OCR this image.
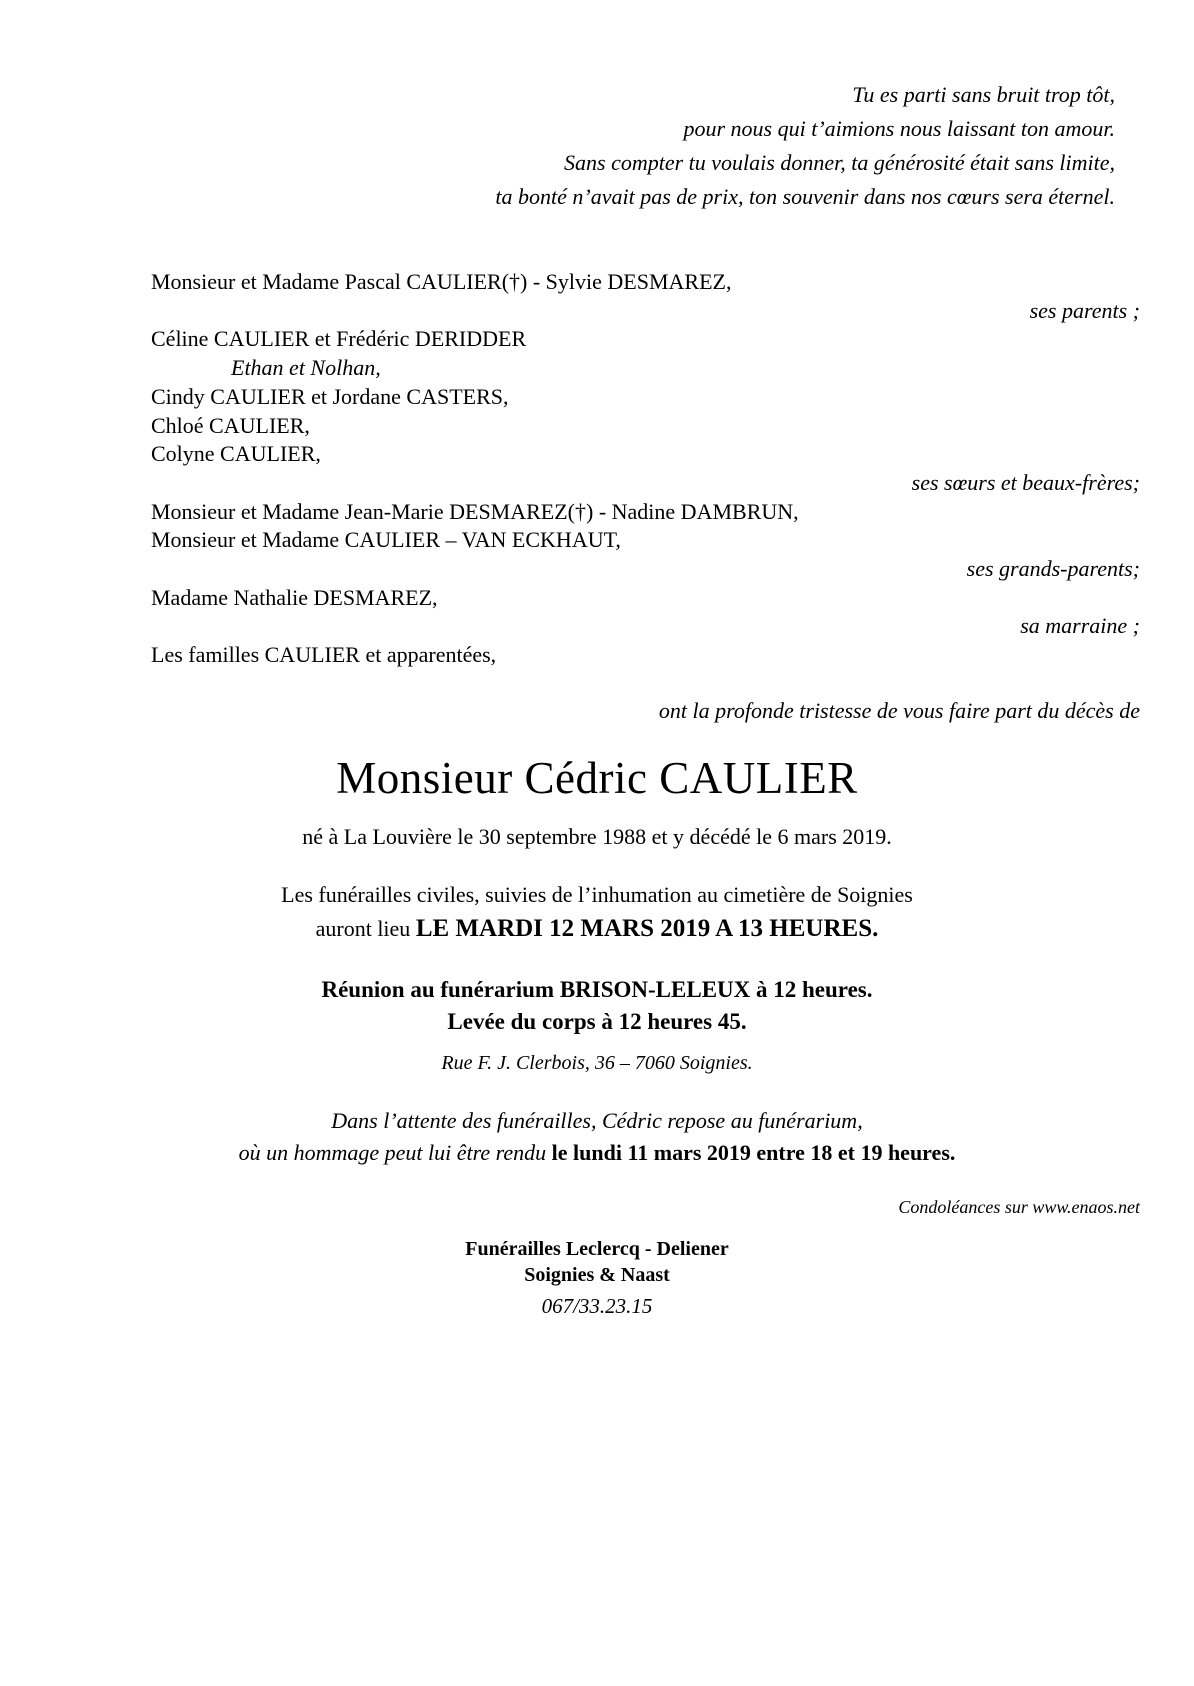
Tu es parti sans bruit trop tôt,
pour nous qui t’aimions nous laissant ton amour.
Sans compter tu voulais donner, ta générosité était sans limite,
ta bonté n’avait pas de prix, ton souvenir dans nos cœurs sera éternel.
Monsieur et Madame Pascal CAULIER(†) - Sylvie DESMAREZ,
ses parents ;
Céline CAULIER et Frédéric DERIDDER
Ethan et Nolhan,
Cindy CAULIER et Jordane CASTERS,
Chloé CAULIER,
Colyne CAULIER,
ses sœurs et beaux-frères;
Monsieur et Madame Jean-Marie DESMAREZ(†) - Nadine DAMBRUN,
Monsieur et Madame CAULIER – VAN ECKHAUT,
ses grands-parents;
Madame Nathalie DESMAREZ,
sa marraine ;
Les familles CAULIER et apparentées,
ont la profonde tristesse de vous faire part du décès de
Monsieur Cédric CAULIER
né à La Louvière le 30 septembre 1988 et y décédé le 6 mars 2019.
Les funérailles civiles, suivies de l’inhumation au cimetière de Soignies
auront lieu LE MARDI 12 MARS 2019 A 13 HEURES.
Réunion au funérarium BRISON-LELEUX à 12 heures.
Levée du corps à 12 heures 45.
Rue F. J. Clerbois, 36 – 7060 Soignies.
Dans l’attente des funérailles, Cédric repose au funérarium,
où un hommage peut lui être rendu le lundi 11 mars 2019 entre 18 et 19 heures.
Condoléances sur www.enaos.net
Funérailles Leclercq - Deliener
Soignies & Naast
067/33.23.15
